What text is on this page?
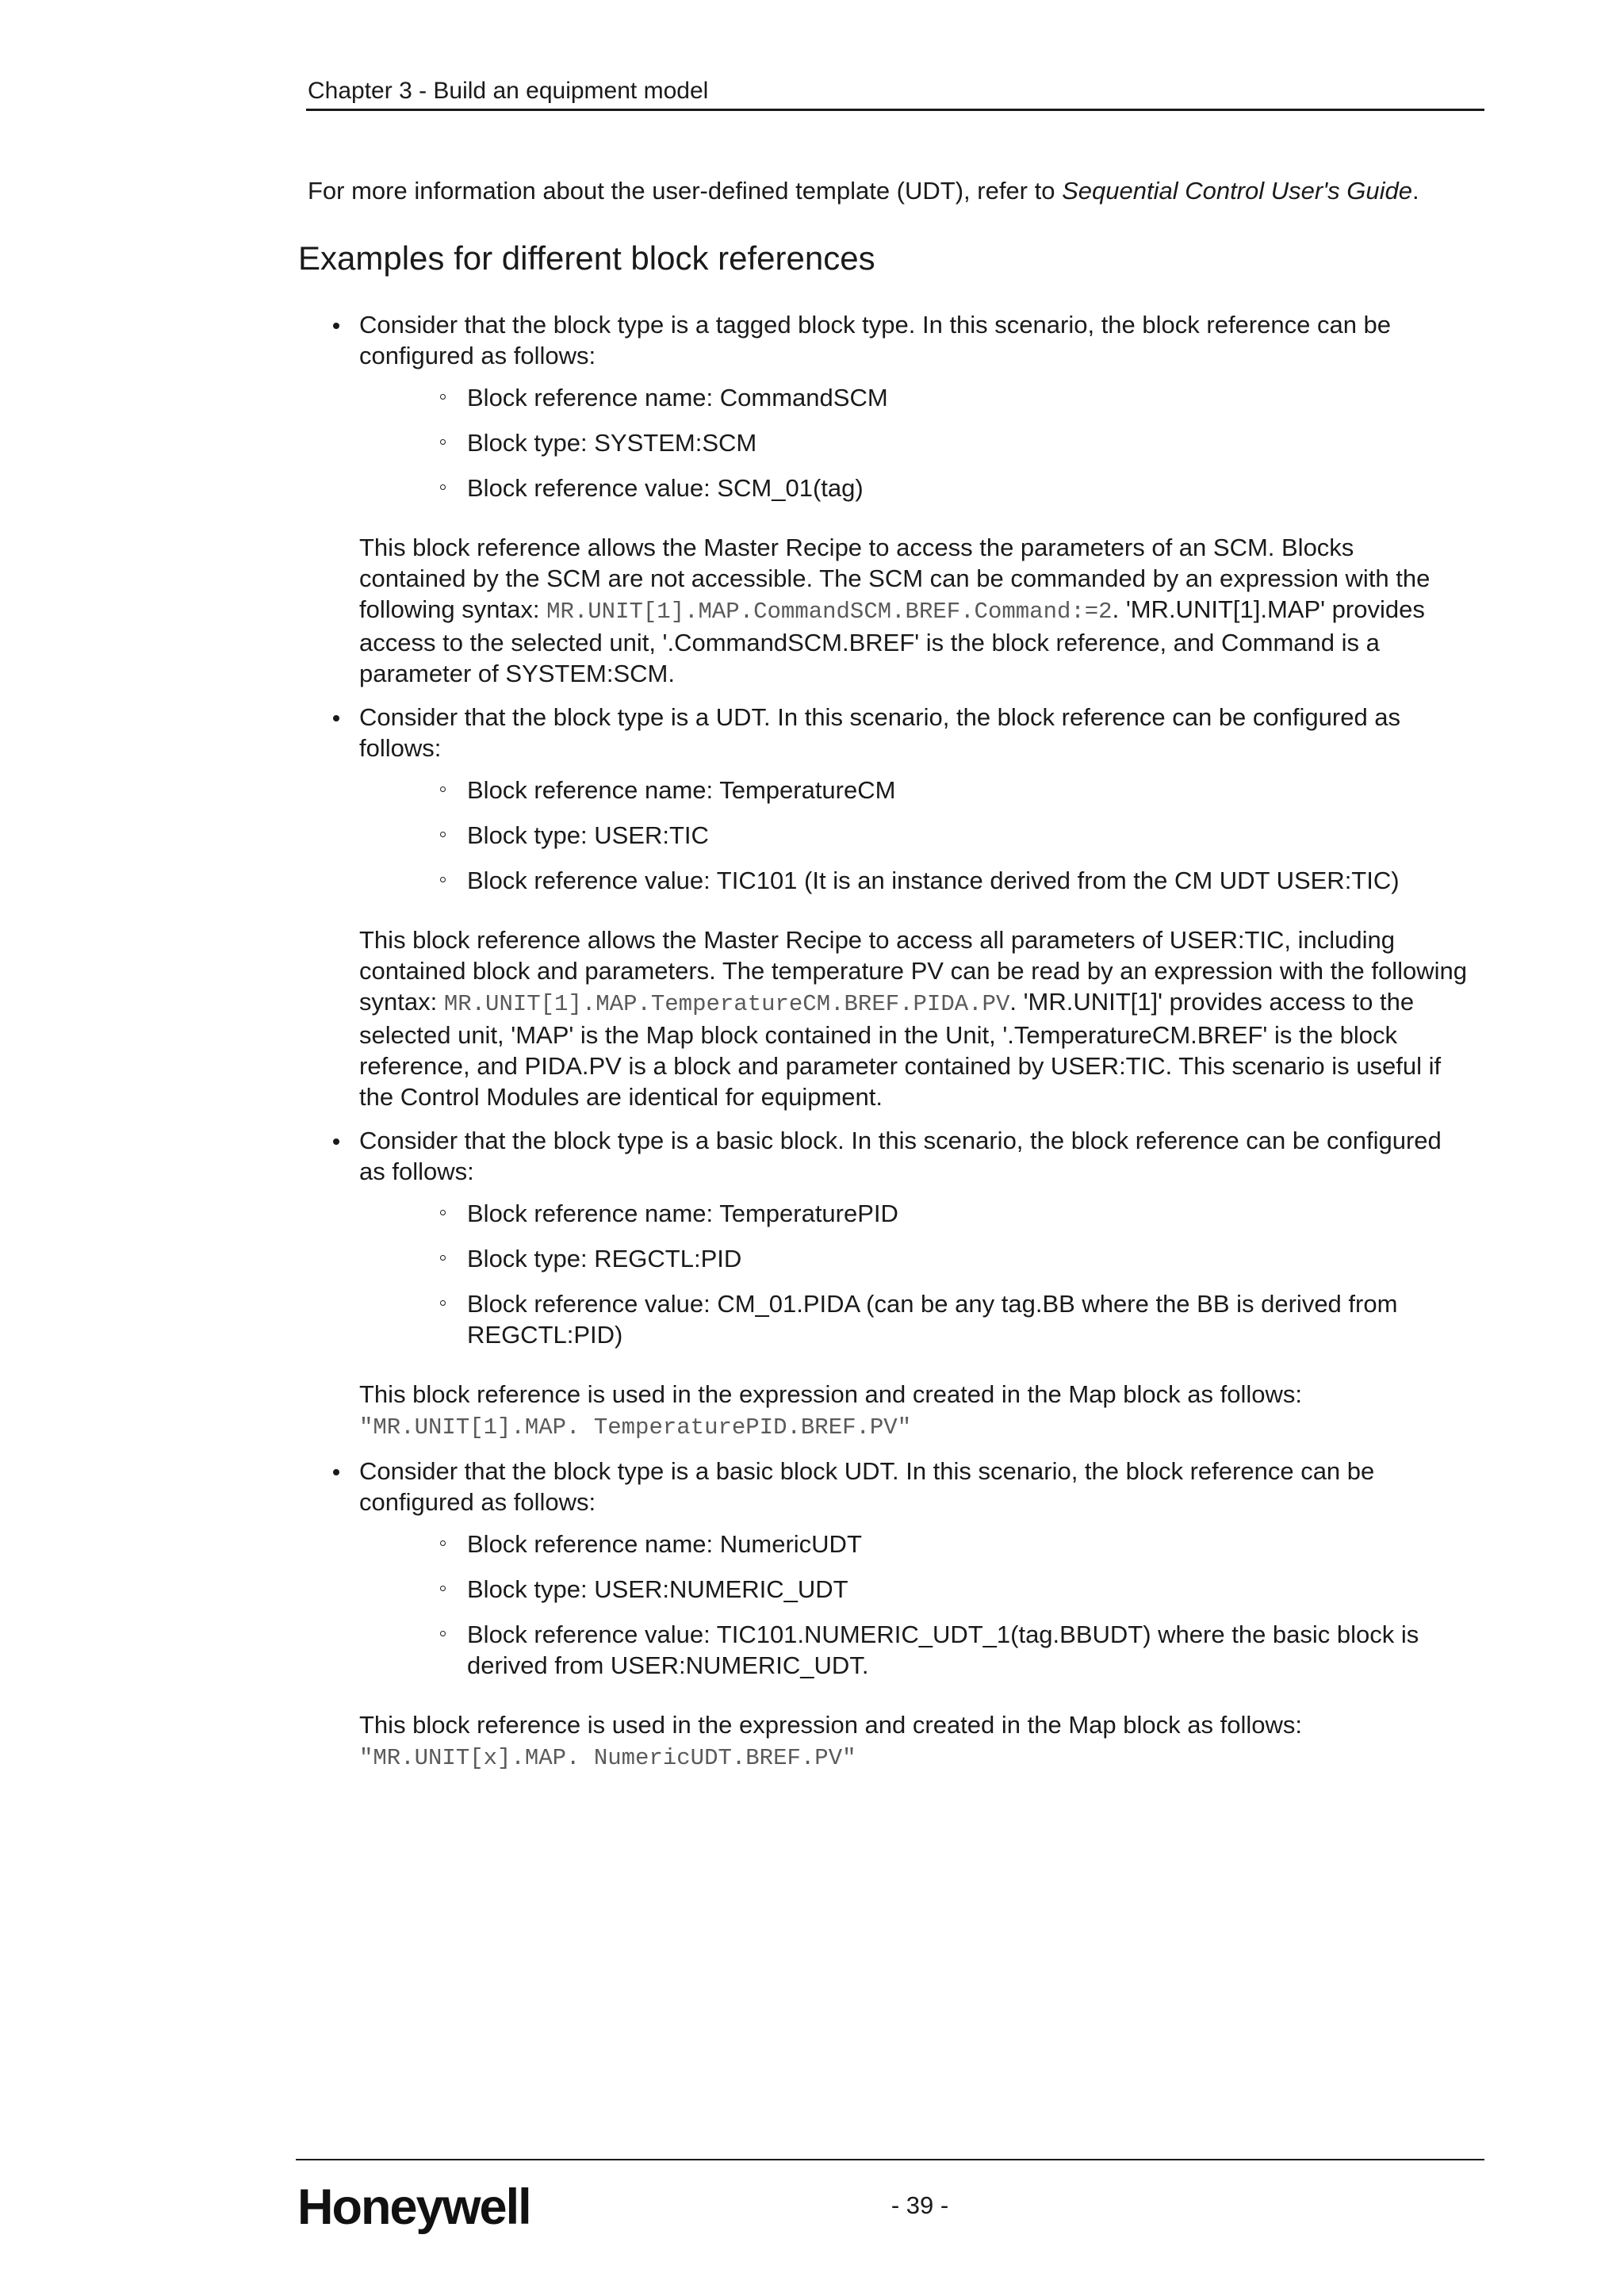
Chapter 3 - Build an equipment model

For more information about the user-defined template (UDT), refer to Sequential Control User's Guide.

Examples for different block references

Consider that the block type is a tagged block type. In this scenario, the block reference can be configured as follows:

Block reference name: CommandSCM
Block type: SYSTEM:SCM
Block reference value: SCM_01(tag)

This block reference allows the Master Recipe to access the parameters of an SCM. Blocks contained by the SCM are not accessible. The SCM can be commanded by an expression with the following syntax: MR.UNIT[1].MAP.CommandSCM.BREF.Command:=2. 'MR.UNIT[1].MAP' provides access to the selected unit, '.CommandSCM.BREF' is the block reference, and Command is a parameter of SYSTEM:SCM.

Consider that the block type is a UDT. In this scenario, the block reference can be configured as follows:

Block reference name: TemperatureCM
Block type: USER:TIC
Block reference value: TIC101 (It is an instance derived from the CM UDT USER:TIC)

This block reference allows the Master Recipe to access all parameters of USER:TIC, including contained block and parameters. The temperature PV can be read by an expression with the following syntax: MR.UNIT[1].MAP.TemperatureCM.BREF.PIDA.PV. 'MR.UNIT[1]' provides access to the selected unit, 'MAP' is the Map block contained in the Unit, '.TemperatureCM.BREF' is the block reference, and PIDA.PV is a block and parameter contained by USER:TIC. This scenario is useful if the Control Modules are identical for equipment.

Consider that the block type is a basic block. In this scenario, the block reference can be configured as follows:

Block reference name: TemperaturePID
Block type: REGCTL:PID
Block reference value: CM_01.PIDA (can be any tag.BB where the BB is derived from REGCTL:PID)

This block reference is used in the expression and created in the Map block as follows: "MR.UNIT[1].MAP. TemperaturePID.BREF.PV"

Consider that the block type is a basic block UDT. In this scenario, the block reference can be configured as follows:

Block reference name: NumericUDT
Block type: USER:NUMERIC_UDT
Block reference value: TIC101.NUMERIC_UDT_1(tag.BBUDT) where the basic block is derived from USER:NUMERIC_UDT.

This block reference is used in the expression and created in the Map block as follows: "MR.UNIT[x].MAP. NumericUDT.BREF.PV"

Honeywell	- 39 -
